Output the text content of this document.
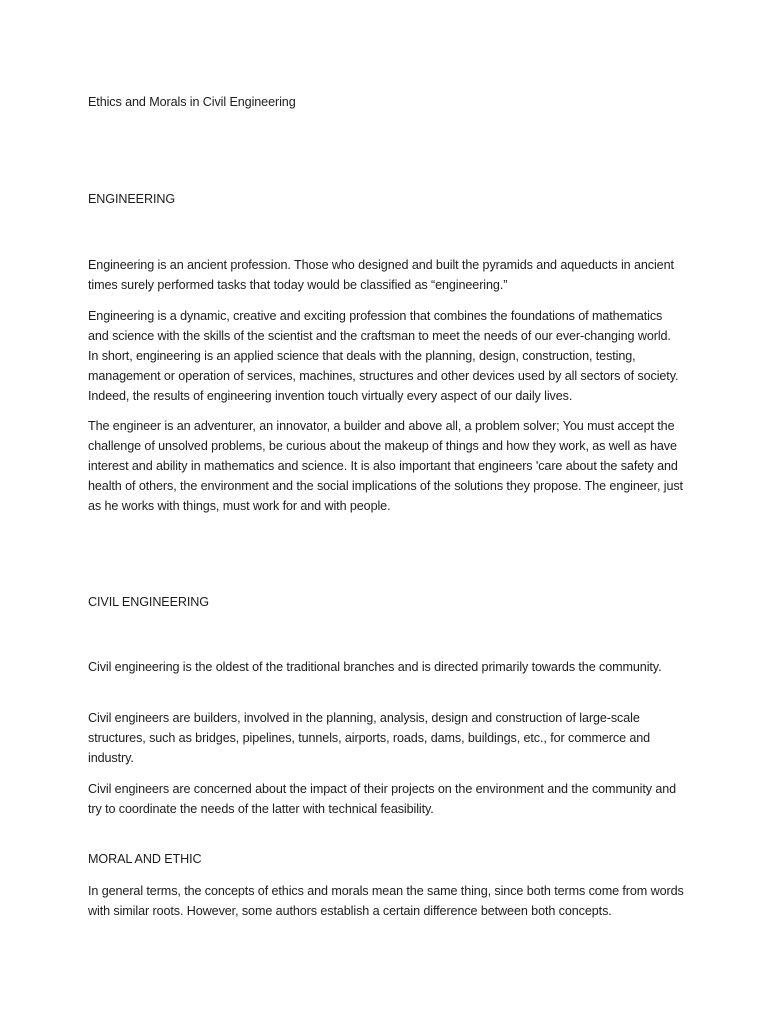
Ethics and Morals in Civil Engineering

ENGINEERING

Engineering is an ancient profession. Those who designed and built the pyramids and aqueducts in ancient times surely performed tasks that today would be classified as “engineering.”

Engineering is a dynamic, creative and exciting profession that combines the foundations of mathematics and science with the skills of the scientist and the craftsman to meet the needs of our ever-changing world. In short, engineering is an applied science that deals with the planning, design, construction, testing, management or operation of services, machines, structures and other devices used by all sectors of society. Indeed, the results of engineering invention touch virtually every aspect of our daily lives.

The engineer is an adventurer, an innovator, a builder and above all, a problem solver; You must accept the challenge of unsolved problems, be curious about the makeup of things and how they work, as well as have interest and ability in mathematics and science. It is also important that engineers 'care about the safety and health of others, the environment and the social implications of the solutions they propose. The engineer, just as he works with things, must work for and with people.

CIVIL ENGINEERING

Civil engineering is the oldest of the traditional branches and is directed primarily towards the community.

Civil engineers are builders, involved in the planning, analysis, design and construction of large-scale structures, such as bridges, pipelines, tunnels, airports, roads, dams, buildings, etc., for commerce and industry.

Civil engineers are concerned about the impact of their projects on the environment and the community and try to coordinate the needs of the latter with technical feasibility.

MORAL AND ETHIC

In general terms, the concepts of ethics and morals mean the same thing, since both terms come from words with similar roots. However, some authors establish a certain difference between both concepts.
